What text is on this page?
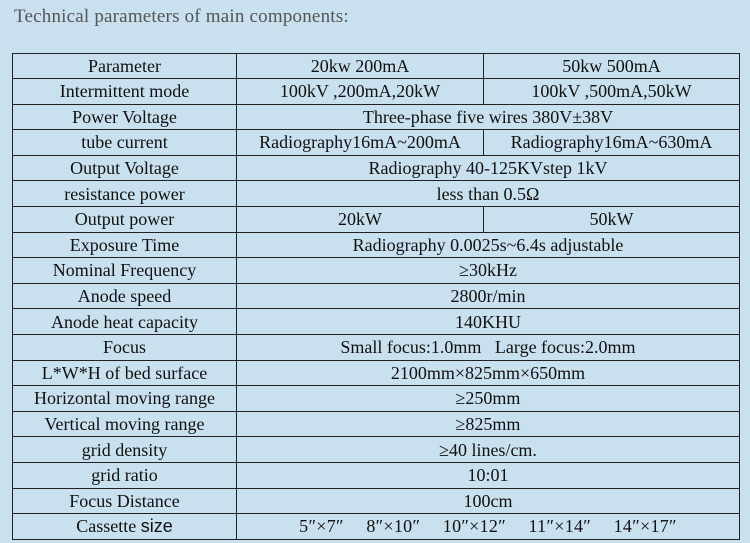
Technical parameters of main components:
Parameter	20kw 200mA	50kw 500mA
Intermittent mode	100kV ,200mA,20kW	100kV ,500mA,50kW
Power Voltage	Three-phase five wires 380V±38V	
tube current	Radiography16mA~200mA	Radiography16mA~630mA
Output Voltage	Radiography 40-125KVstep 1kV	
resistance power	less than 0.5Ω	
Output power	20kW	50kW
Exposure Time	Radiography 0.0025s~6.4s adjustable	
Nominal Frequency	≥30kHz	
Anode speed	2800r/min	
Anode heat capacity	140KHU	
Focus	Small focus:1.0mm   Large focus:2.0mm	
L*W*H of bed surface	2100mm×825mm×650mm	
Horizontal moving range	≥250mm	
Vertical moving range	≥825mm	
grid density	≥40 lines/cm.	
grid ratio	10:01	
Focus Distance	100cm	
Cassette size	5″×7″ 8″×10″ 10″×12″ 11″×14″ 14″×17″	
